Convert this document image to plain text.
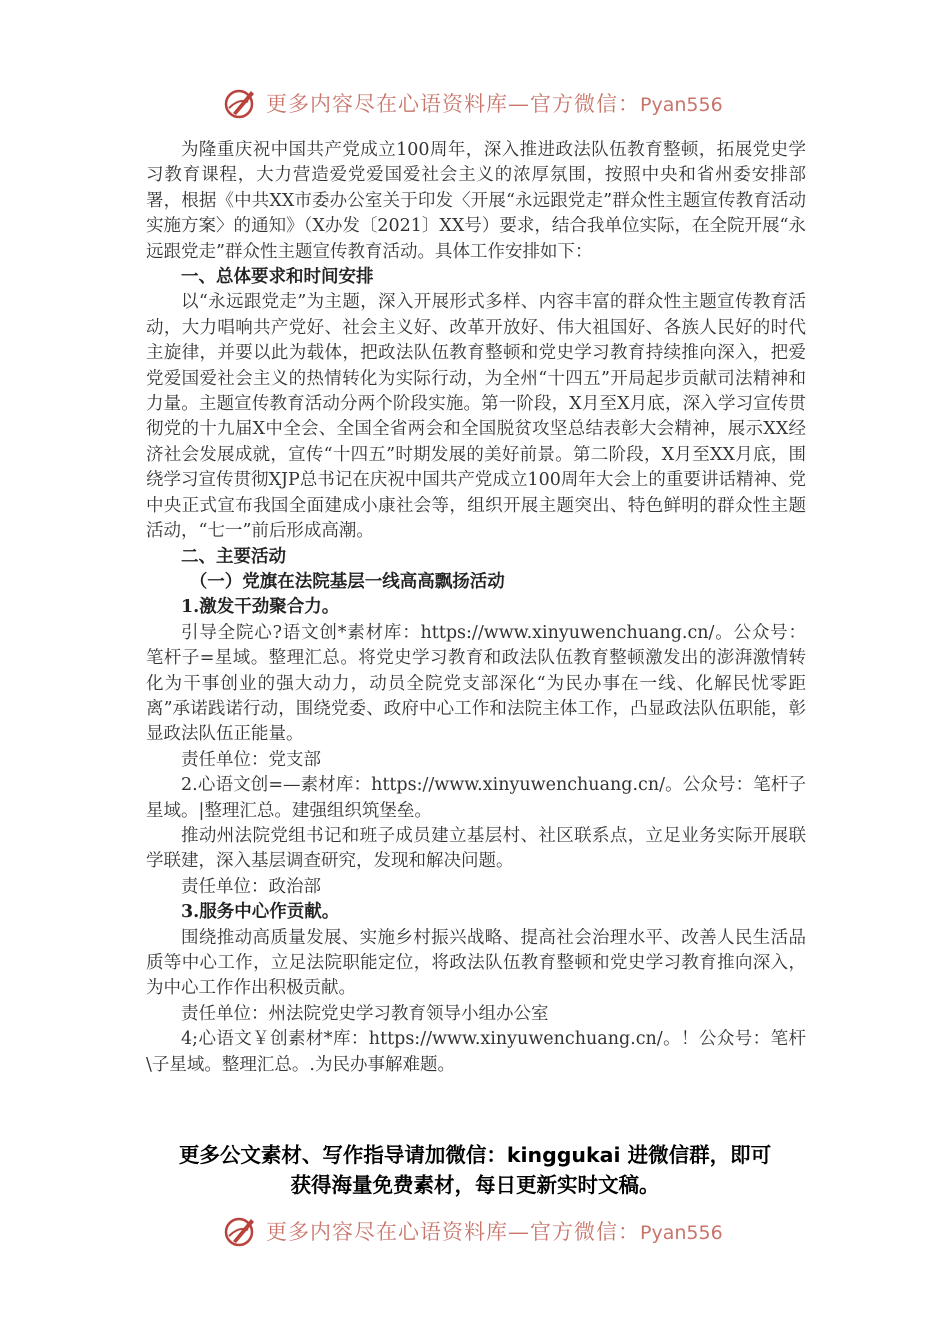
更多内容尽在心语资料库—官方微信：Pyan556

为隆重庆祝中国共产党成立100周年，深入推进政法队伍教育整顿，拓展党史学习教育课程，大力营造爱党爱国爱社会主义的浓厚氛围，按照中央和省州委安排部署，根据《中共XX市委办公室关于印发〈开展“永远跟党走”群众性主题宣传教育活动实施方案〉的通知》（X办发〔2021〕XX号）要求，结合我单位实际，在全院开展“永远跟党走”群众性主题宣传教育活动。具体工作安排如下：

一、总体要求和时间安排

以“永远跟党走”为主题，深入开展形式多样、内容丰富的群众性主题宣传教育活动，大力唱响共产党好、社会主义好、改革开放好、伟大祖国好、各族人民好的时代主旋律，并要以此为载体，把政法队伍教育整顿和党史学习教育持续推向深入，把爱党爱国爱社会主义的热情转化为实际行动，为全州“十四五”开局起步贡献司法精神和力量。主题宣传教育活动分两个阶段实施。第一阶段，X月至X月底，深入学习宣传贯彻党的十九届X中全会、全国全省两会和全国脱贫攻坚总结表彰大会精神，展示XX经济社会发展成就，宣传“十四五”时期发展的美好前景。第二阶段，X月至XX月底，围绕学习宣传贯彻XJP总书记在庆祝中国共产党成立100周年大会上的重要讲话精神、党中央正式宣布我国全面建成小康社会等，组织开展主题突出、特色鲜明的群众性主题活动，“七一”前后形成高潮。

二、主要活动

（一）党旗在法院基层一线高高飘扬活动

1.激发干劲聚合力。

引导全院心?语文创*素材库：https://www.xinyuwenchuang.cn/。公众号：笔杆子=星域。整理汇总。将党史学习教育和政法队伍教育整顿激发出的澎湃激情转化为干事创业的强大动力，动员全院党支部深化“为民办事在一线、化解民忧零距离”承诺践诺行动，围绕党委、政府中心工作和法院主体工作，凸显政法队伍职能，彰显政法队伍正能量。

责任单位：党支部

2.心语文创=—素材库：https://www.xinyuwenchuang.cn/。公众号：笔杆子星域。|整理汇总。建强组织筑堡垒。

推动州法院党组书记和班子成员建立基层村、社区联系点，立足业务实际开展联学联建，深入基层调查研究，发现和解决问题。

责任单位：政治部

3.服务中心作贡献。

围绕推动高质量发展、实施乡村振兴战略、提高社会治理水平、改善人民生活品质等中心工作，立足法院职能定位，将政法队伍教育整顿和党史学习教育推向深入，为中心工作作出积极贡献。

责任单位：州法院党史学习教育领导小组办公室

4;心语文￥创素材*库：https://www.xinyuwenchuang.cn/。！公众号：笔杆\子星域。整理汇总。.为民办事解难题。

更多公文素材、写作指导请加微信：kinggukai 进微信群，即可
获得海量免费素材，每日更新实时文稿。
更多内容尽在心语资料库—官方微信：Pyan556
